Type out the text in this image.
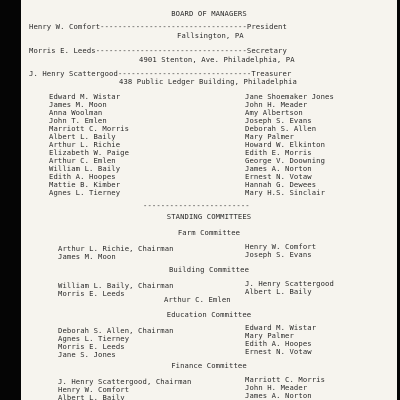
BOARD OF MANAGERS
Henry W. Comfort---------------------------------President
Fallsington, PA
Morris E. Leeds----------------------------------Secretary
4901 Stenton, Ave. Philadelphia, PA
J. Henry Scattergood------------------------------Treasurer
438 Public Ledger Building, Philadelphia
Edward M. Wistar
James M. Moon
Anna Woolman
John T. Emlen
Marriott C. Morris
Albert L. Baily
Arthur L. Richie
Elizabeth W. Paige
Arthur C. Emlen
William L. Baily
Edith A. Hoopes
Mattie B. Kimber
Agnes L. Tierney
Jane Shoemaker Jones
John H. Meader
Amy Albertson
Joseph S. Evans
Deborah S. Allen
Mary Palmer
Howard W. Elkinton
Edith E. Morris
George V. Doowning
James A. Norton
Ernest N. Votaw
Hannah G. Dewees
Mary H.S. Sinclair
------------------------
STANDING COMMITTEES
Farm Committee
Arthur L. Richie, Chairman
James M. Moon
Henry W. Comfort
Joseph S. Evans
Building Committee
William L. Baily, Chairman
Morris E. Leeds
J. Henry Scattergood
Albert L. Baily
Arthur C. Emlen
Education Committee
Deborah S. Allen, Chairman
Agnes L. Tierney
Morris E. Leeds
Jane S. Jones
Edward M. Wistar
Mary Palmer
Edith A. Hoopes
Ernest N. Votaw
Finance Committee
J. Henry Scattergood, Chairman
Henry W. Comfort
Albert L. Baily
Marriott C. Morris
John H. Meader
James A. Norton
